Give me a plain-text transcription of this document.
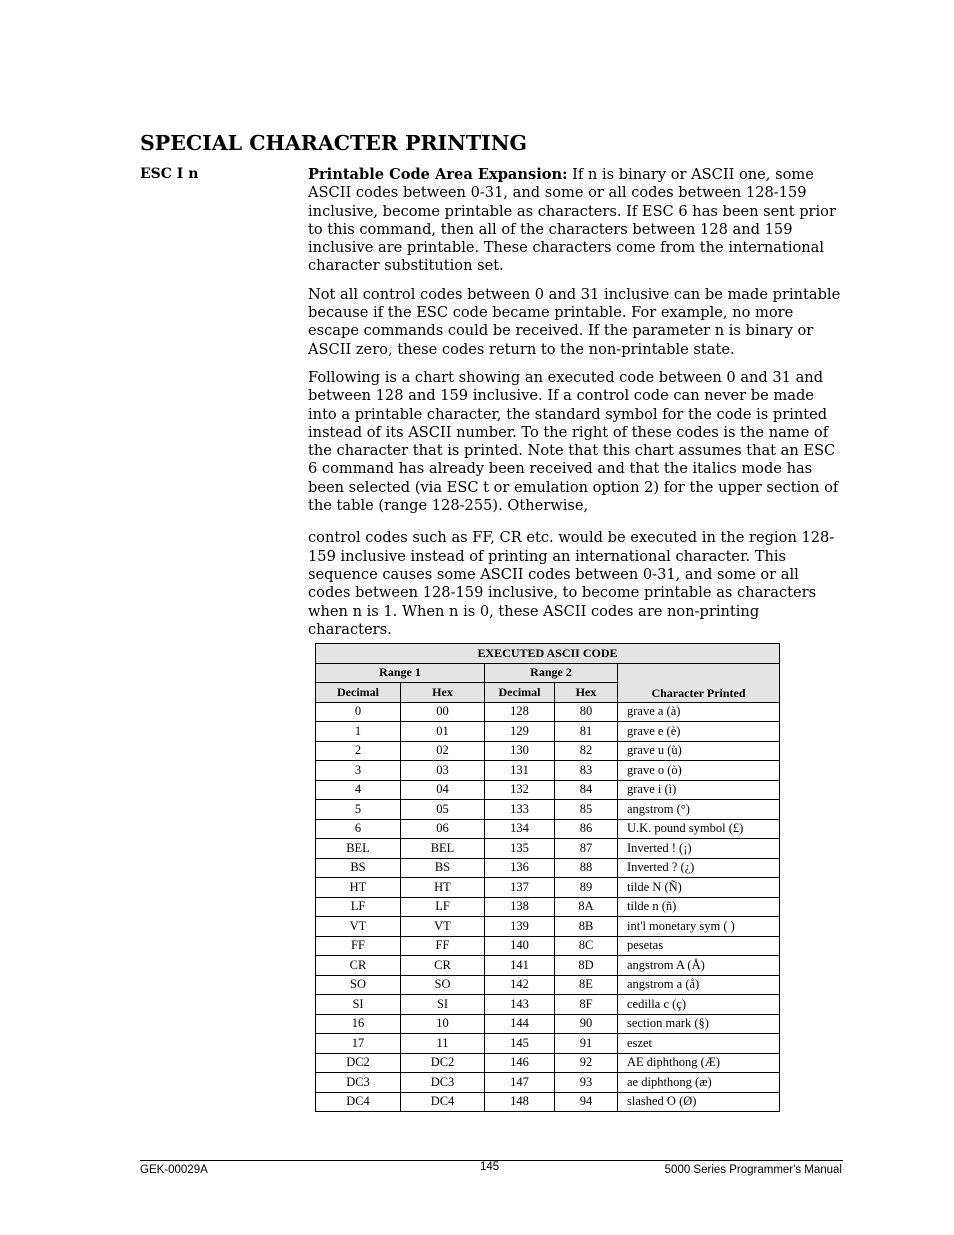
SPECIAL CHARACTER PRINTING
ESC I n	Printable Code Area Expansion: If n is binary or ASCII one, some ASCII codes between 0-31, and some or all codes between 128-159 inclusive, become printable as characters. If ESC 6 has been sent prior to this command, then all of the characters between 128 and 159 inclusive are printable. These characters come from the international character substitution set.

Not all control codes between 0 and 31 inclusive can be made printable because if the ESC code became printable. For example, no more escape commands could be received. If the parameter n is binary or ASCII zero, these codes return to the non-printable state.

Following is a chart showing an executed code between 0 and 31 and between 128 and 159 inclusive. If a control code can never be made into a printable character, the standard symbol for the code is printed instead of its ASCII number. To the right of these codes is the name of the character that is printed. Note that this chart assumes that an ESC 6 command has already been received and that the italics mode has been selected (via ESC t or emulation option 2) for the upper section of the table (range 128-255). Otherwise,

control codes such as FF, CR etc. would be executed in the region 128-159 inclusive instead of printing an international character. This sequence causes some ASCII codes between 0-31, and some or all codes between 128-159 inclusive, to become printable as characters when n is 1. When n is 0, these ASCII codes are non-printing characters.

EXECUTED ASCII CODE				
Range 1		Range 2		Character Printed
Decimal	Hex	Decimal	Hex	
0	00	128	80	grave a (à)
1	01	129	81	grave e (è)
2	02	130	82	grave u (ù)
3	03	131	83	grave o (ò)
4	04	132	84	grave i (ì)
5	05	133	85	angstrom (°)
6	06	134	86	U.K. pound symbol (£)
BEL	BEL	135	87	Inverted ! (¡)
BS	BS	136	88	Inverted ? (¿)
HT	HT	137	89	tilde N (Ñ)
LF	LF	138	8A	tilde n (ñ)
VT	VT	139	8B	int'l monetary sym ( )
FF	FF	140	8C	pesetas
CR	CR	141	8D	angstrom A (Å)
SO	SO	142	8E	angstrom a (å)
SI	SI	143	8F	cedilla c (ç)
16	10	144	90	section mark (§)
17	11	145	91	eszet
DC2	DC2	146	92	AE diphthong (Æ)
DC3	DC3	147	93	ae diphthong (æ)
DC4	DC4	148	94	slashed O (Ø)
GEK-00029A	145	5000 Series Programmer's Manual
